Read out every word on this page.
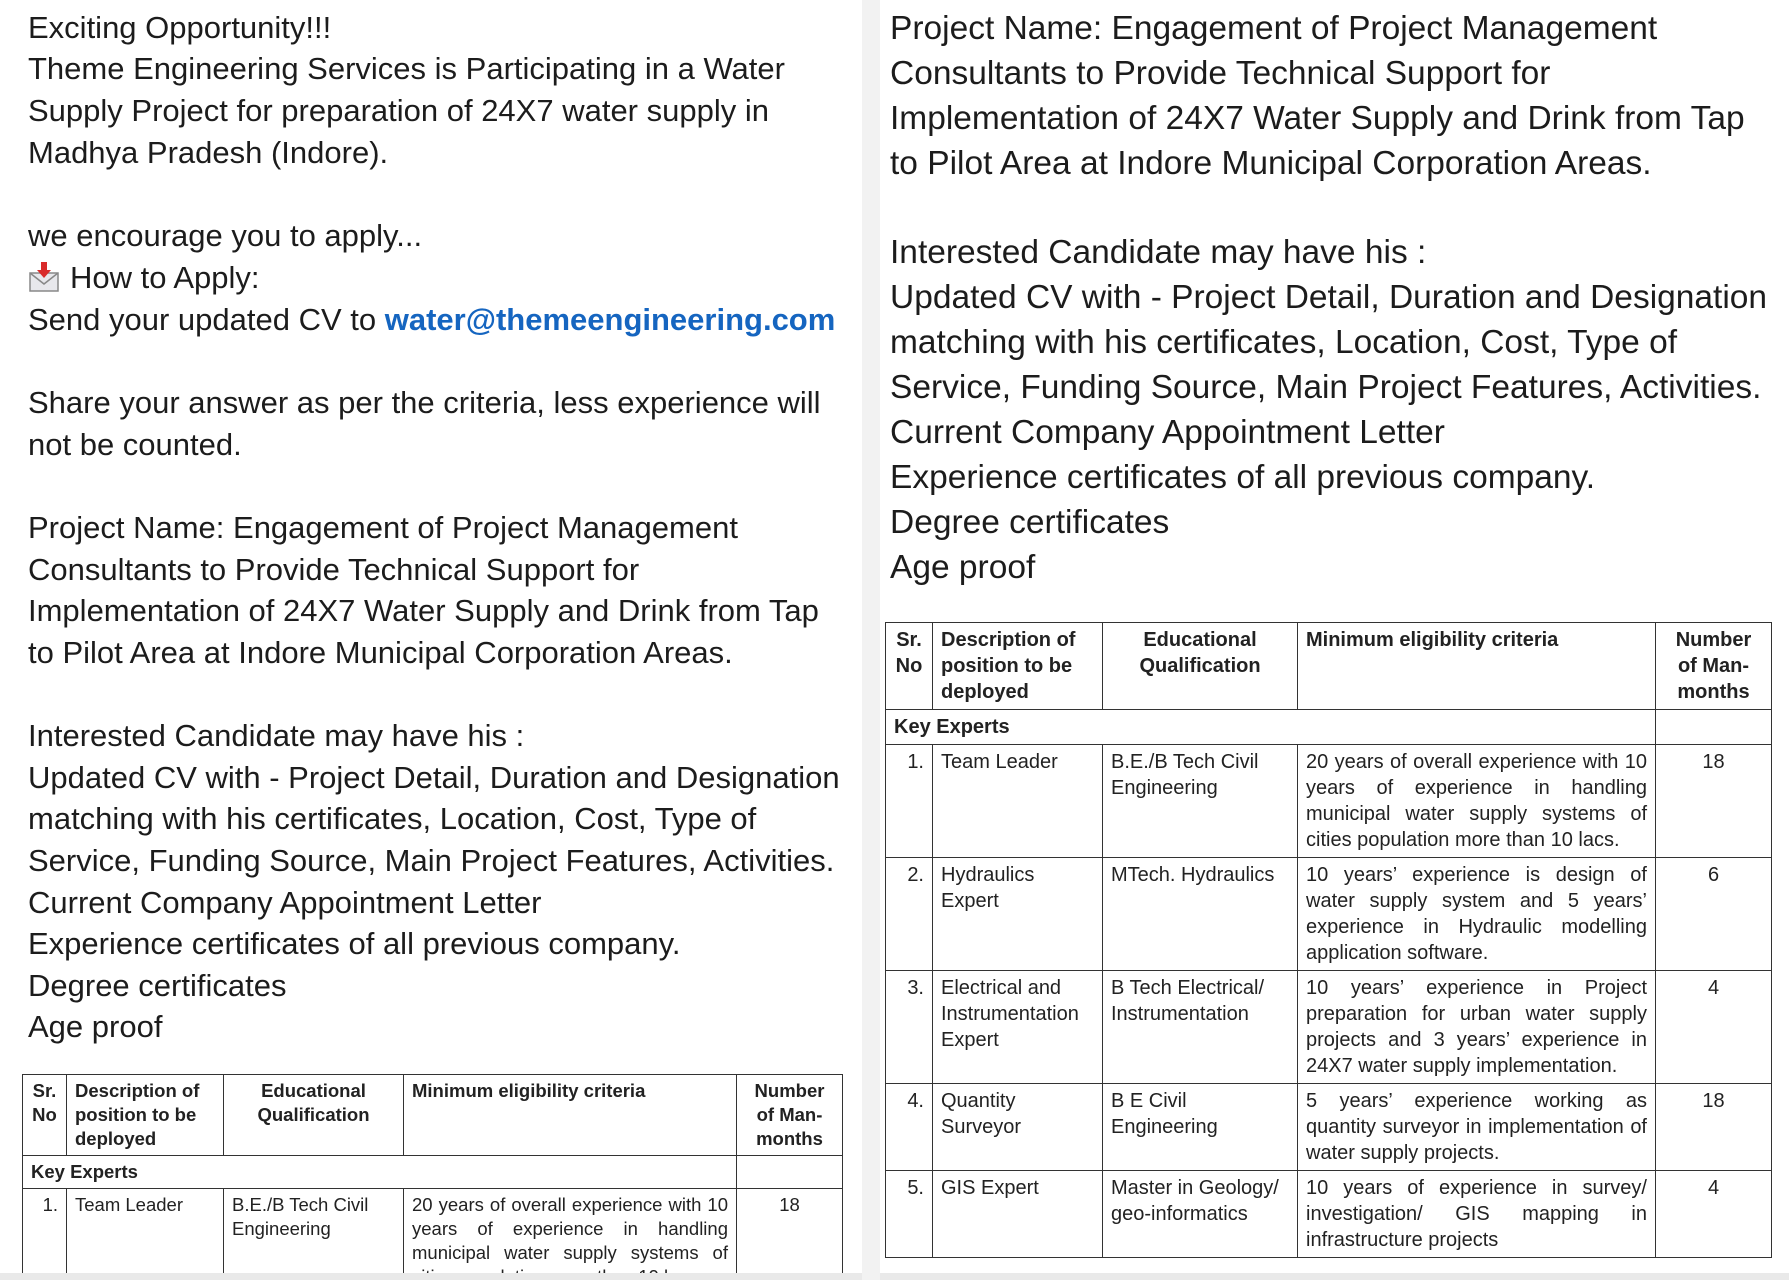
Exciting Opportunity!!!
Theme Engineering Services is Participating in a Water
Supply Project for preparation of 24X7 water supply in
Madhya Pradesh (Indore).
we encourage you to apply...
How to Apply:
Send your updated CV to water@themeengineering.com
Share your answer as per the criteria, less experience will
not be counted.
Project Name: Engagement of Project Management
Consultants to Provide Technical Support for
Implementation of 24X7 Water Supply and Drink from Tap
to Pilot Area at Indore Municipal Corporation Areas.
Interested Candidate may have his :
Updated CV with - Project Detail, Duration and Designation
matching with his certificates, Location, Cost, Type of
Service, Funding Source, Main Project Features, Activities.
Current Company Appointment Letter
Experience certificates of all previous company.
Degree certificates
Age proof
Sr. No	Description of position to be deployed	Educational Qualification	Minimum eligibility criteria	Number of Man-months
Key Experts				
1.	Team Leader	B.E./B Tech Civil Engineering	20 years of overall experience with 10 years of experience in handling municipal water supply systems of	18
Project Name: Engagement of Project Management
Consultants to Provide Technical Support for
Implementation of 24X7 Water Supply and Drink from Tap
to Pilot Area at Indore Municipal Corporation Areas.
Interested Candidate may have his :
Updated CV with - Project Detail, Duration and Designation
matching with his certificates, Location, Cost, Type of
Service, Funding Source, Main Project Features, Activities.
Current Company Appointment Letter
Experience certificates of all previous company.
Degree certificates
Age proof
Sr. No	Description of position to be deployed	Educational Qualification	Minimum eligibility criteria	Number of Man-months
Key Experts				
1.	Team Leader	B.E./B Tech Civil Engineering	20 years of overall experience with 10 years of experience in handling municipal water supply systems of cities population more than 10 lacs.	18
2.	Hydraulics Expert	MTech. Hydraulics	10 years’ experience is design of water supply system and 5 years’ experience in Hydraulic modelling application software.	6
3.	Electrical and Instrumentation Expert	B Tech Electrical/ Instrumentation	10 years’ experience in Project preparation for urban water supply projects and 3 years’ experience in 24X7 water supply implementation.	4
4.	Quantity Surveyor	B E Civil Engineering	5 years’ experience working as quantity surveyor in implementation of water supply projects.	18
5.	GIS Expert	Master in Geology/ geo-informatics	10 years of experience in survey/ investigation/ GIS mapping in infrastructure projects	4
